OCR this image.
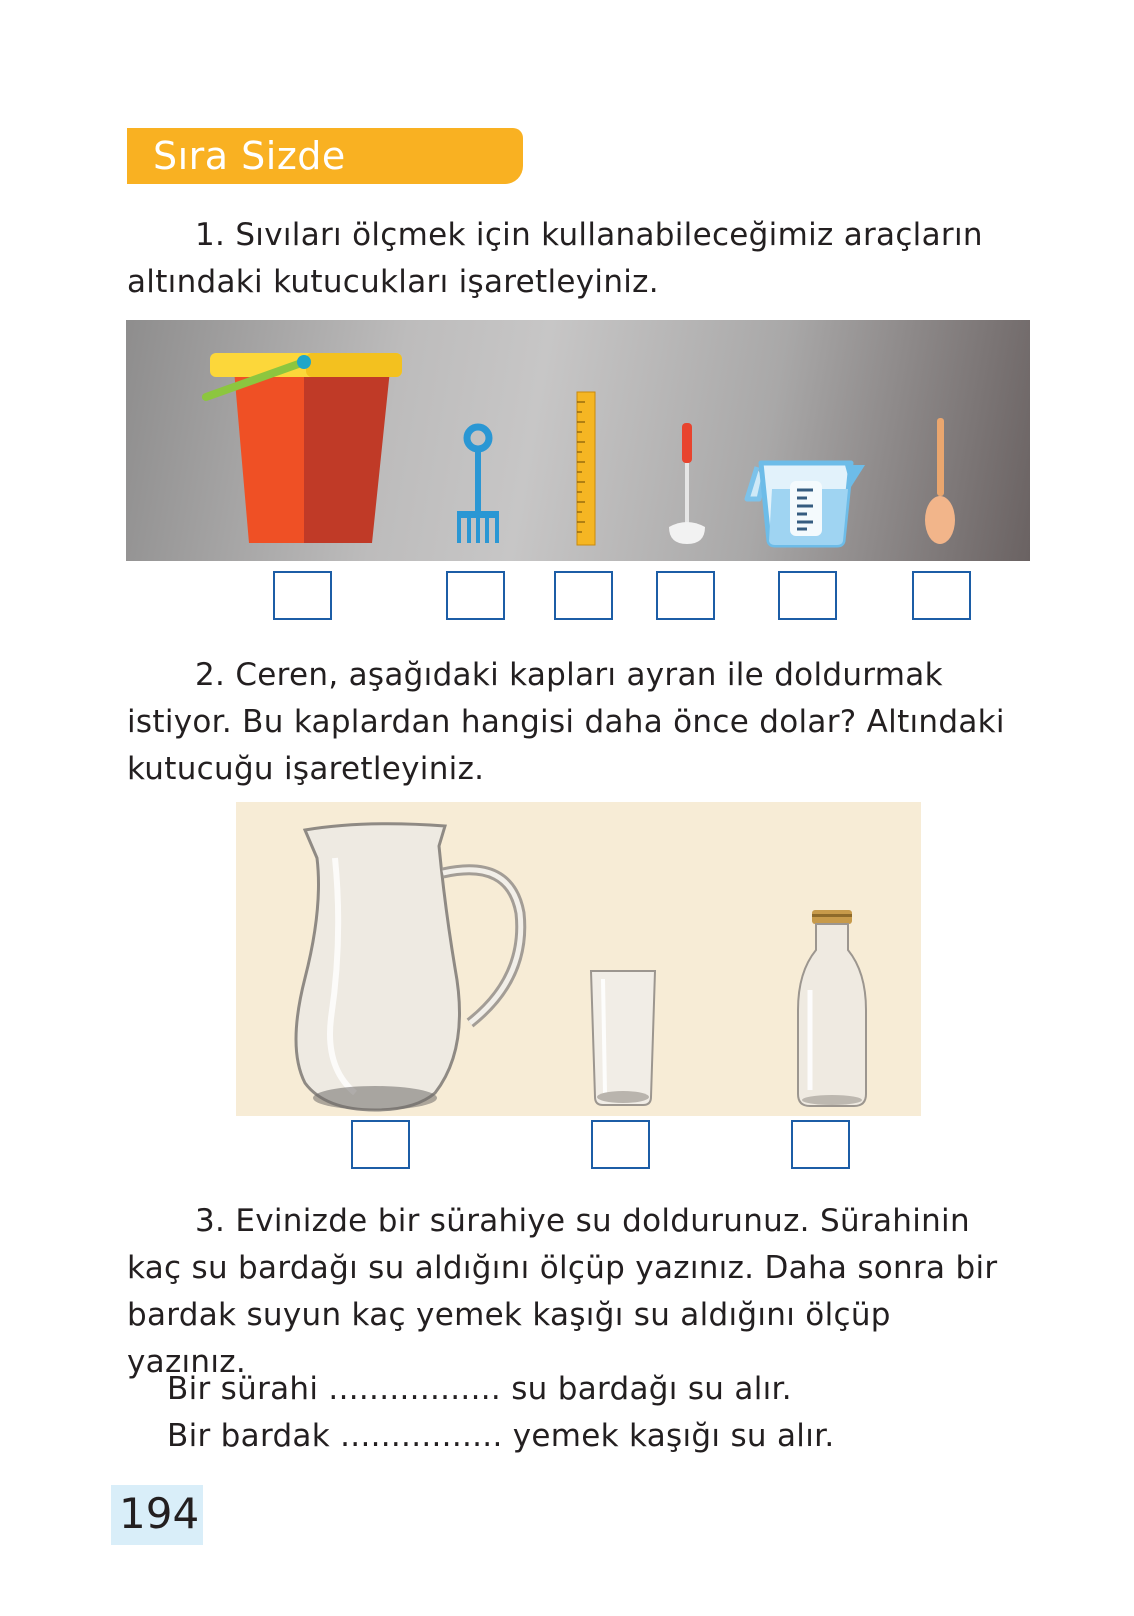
Sıra Sizde
1. Sıvıları ölçmek için kullanabileceğimiz araçların altındaki kutucukları işaretleyiniz.
2. Ceren, aşağıdaki kapları ayran ile doldurmak istiyor. Bu kaplardan hangisi daha önce dolar? Altındaki kutucuğu işaretleyiniz.
3. Evinizde bir sürahiye su doldurunuz. Sürahinin kaç su bardağı su aldığını ölçüp yazınız. Daha sonra bir bardak suyun kaç yemek kaşığı su aldığını ölçüp yazınız.
Bir sürahi ................. su bardağı su alır.
Bir bardak ................ yemek kaşığı su alır.
194
